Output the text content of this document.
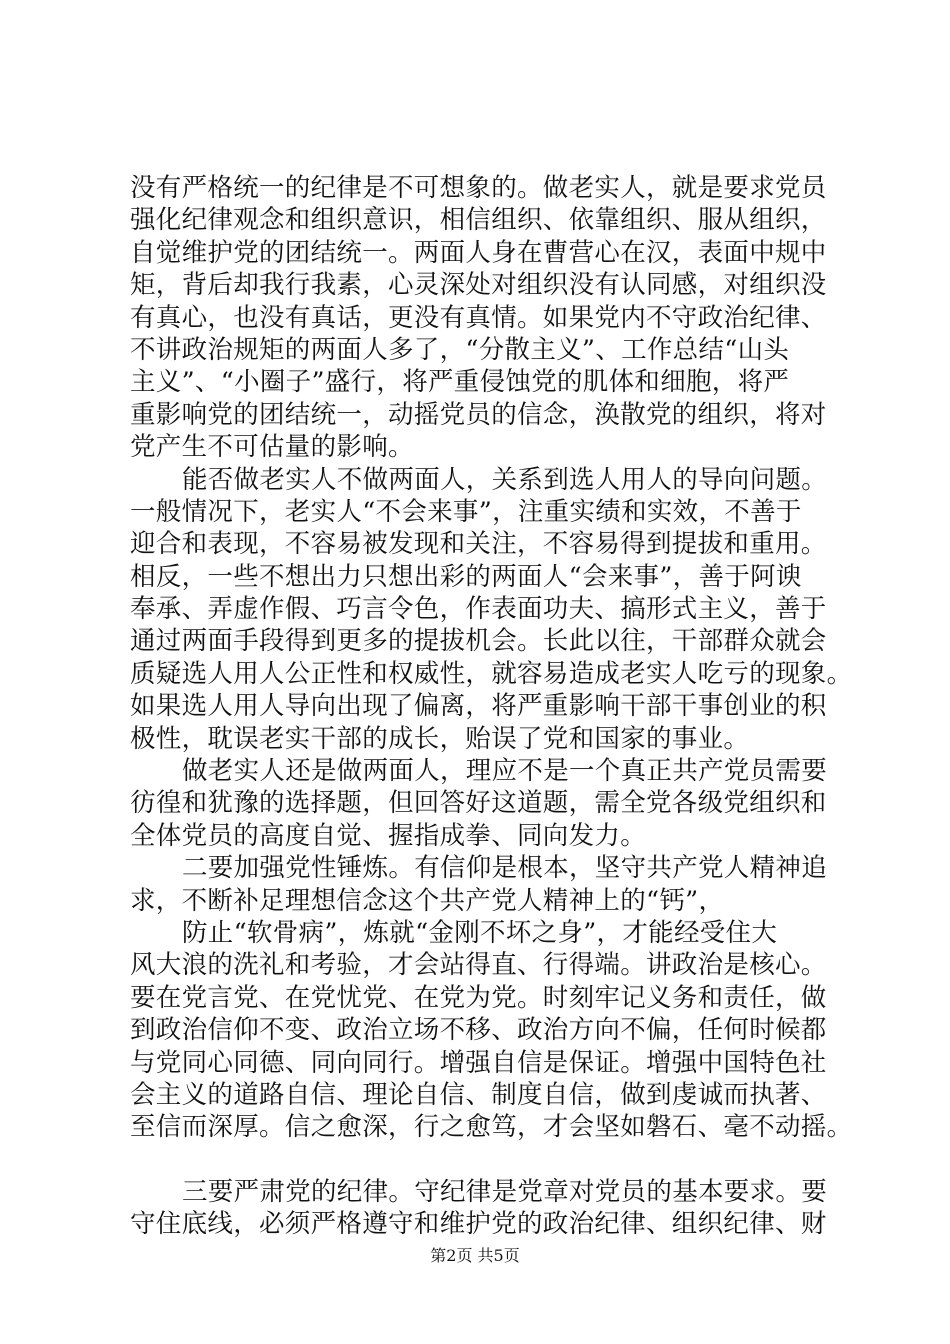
没有严格统一的纪律是不可想象的。做老实人，就是要求党员
强化纪律观念和组织意识，相信组织、依靠组织、服从组织，
自觉维护党的团结统一。两面人身在曹营心在汉，表面中规中
矩，背后却我行我素，心灵深处对组织没有认同感，对组织没
有真心，也没有真话，更没有真情。如果党内不守政治纪律、
不讲政治规矩的两面人多了，“分散主义”、工作总结“山头
主义”、“小圈子”盛行，将严重侵蚀党的肌体和细胞，将严
重影响党的团结统一，动摇党员的信念，涣散党的组织，将对
党产生不可估量的影响。
能否做老实人不做两面人，关系到选人用人的导向问题。
一般情况下，老实人“不会来事”，注重实绩和实效，不善于
迎合和表现，不容易被发现和关注，不容易得到提拔和重用。
相反，一些不想出力只想出彩的两面人“会来事”，善于阿谀
奉承、弄虚作假、巧言令色，作表面功夫、搞形式主义，善于
通过两面手段得到更多的提拔机会。长此以往，干部群众就会
质疑选人用人公正性和权威性，就容易造成老实人吃亏的现象。
如果选人用人导向出现了偏离，将严重影响干部干事创业的积
极性，耽误老实干部的成长，贻误了党和国家的事业。
做老实人还是做两面人，理应不是一个真正共产党员需要
彷徨和犹豫的选择题，但回答好这道题，需全党各级党组织和
全体党员的高度自觉、握指成拳、同向发力。
二要加强党性锤炼。有信仰是根本，坚守共产党人精神追
求，不断补足理想信念这个共产党人精神上的“钙”，
防止“软骨病”，炼就“金刚不坏之身”，才能经受住大
风大浪的洗礼和考验，才会站得直、行得端。讲政治是核心。
要在党言党、在党忧党、在党为党。时刻牢记义务和责任，做
到政治信仰不变、政治立场不移、政治方向不偏，任何时候都
与党同心同德、同向同行。增强自信是保证。增强中国特色社
会主义的道路自信、理论自信、制度自信，做到虔诚而执著、
至信而深厚。信之愈深，行之愈笃，才会坚如磐石、毫不动摇。
三要严肃党的纪律。守纪律是党章对党员的基本要求。要
守住底线，必须严格遵守和维护党的政治纪律、组织纪律、财
第2页 共5页
